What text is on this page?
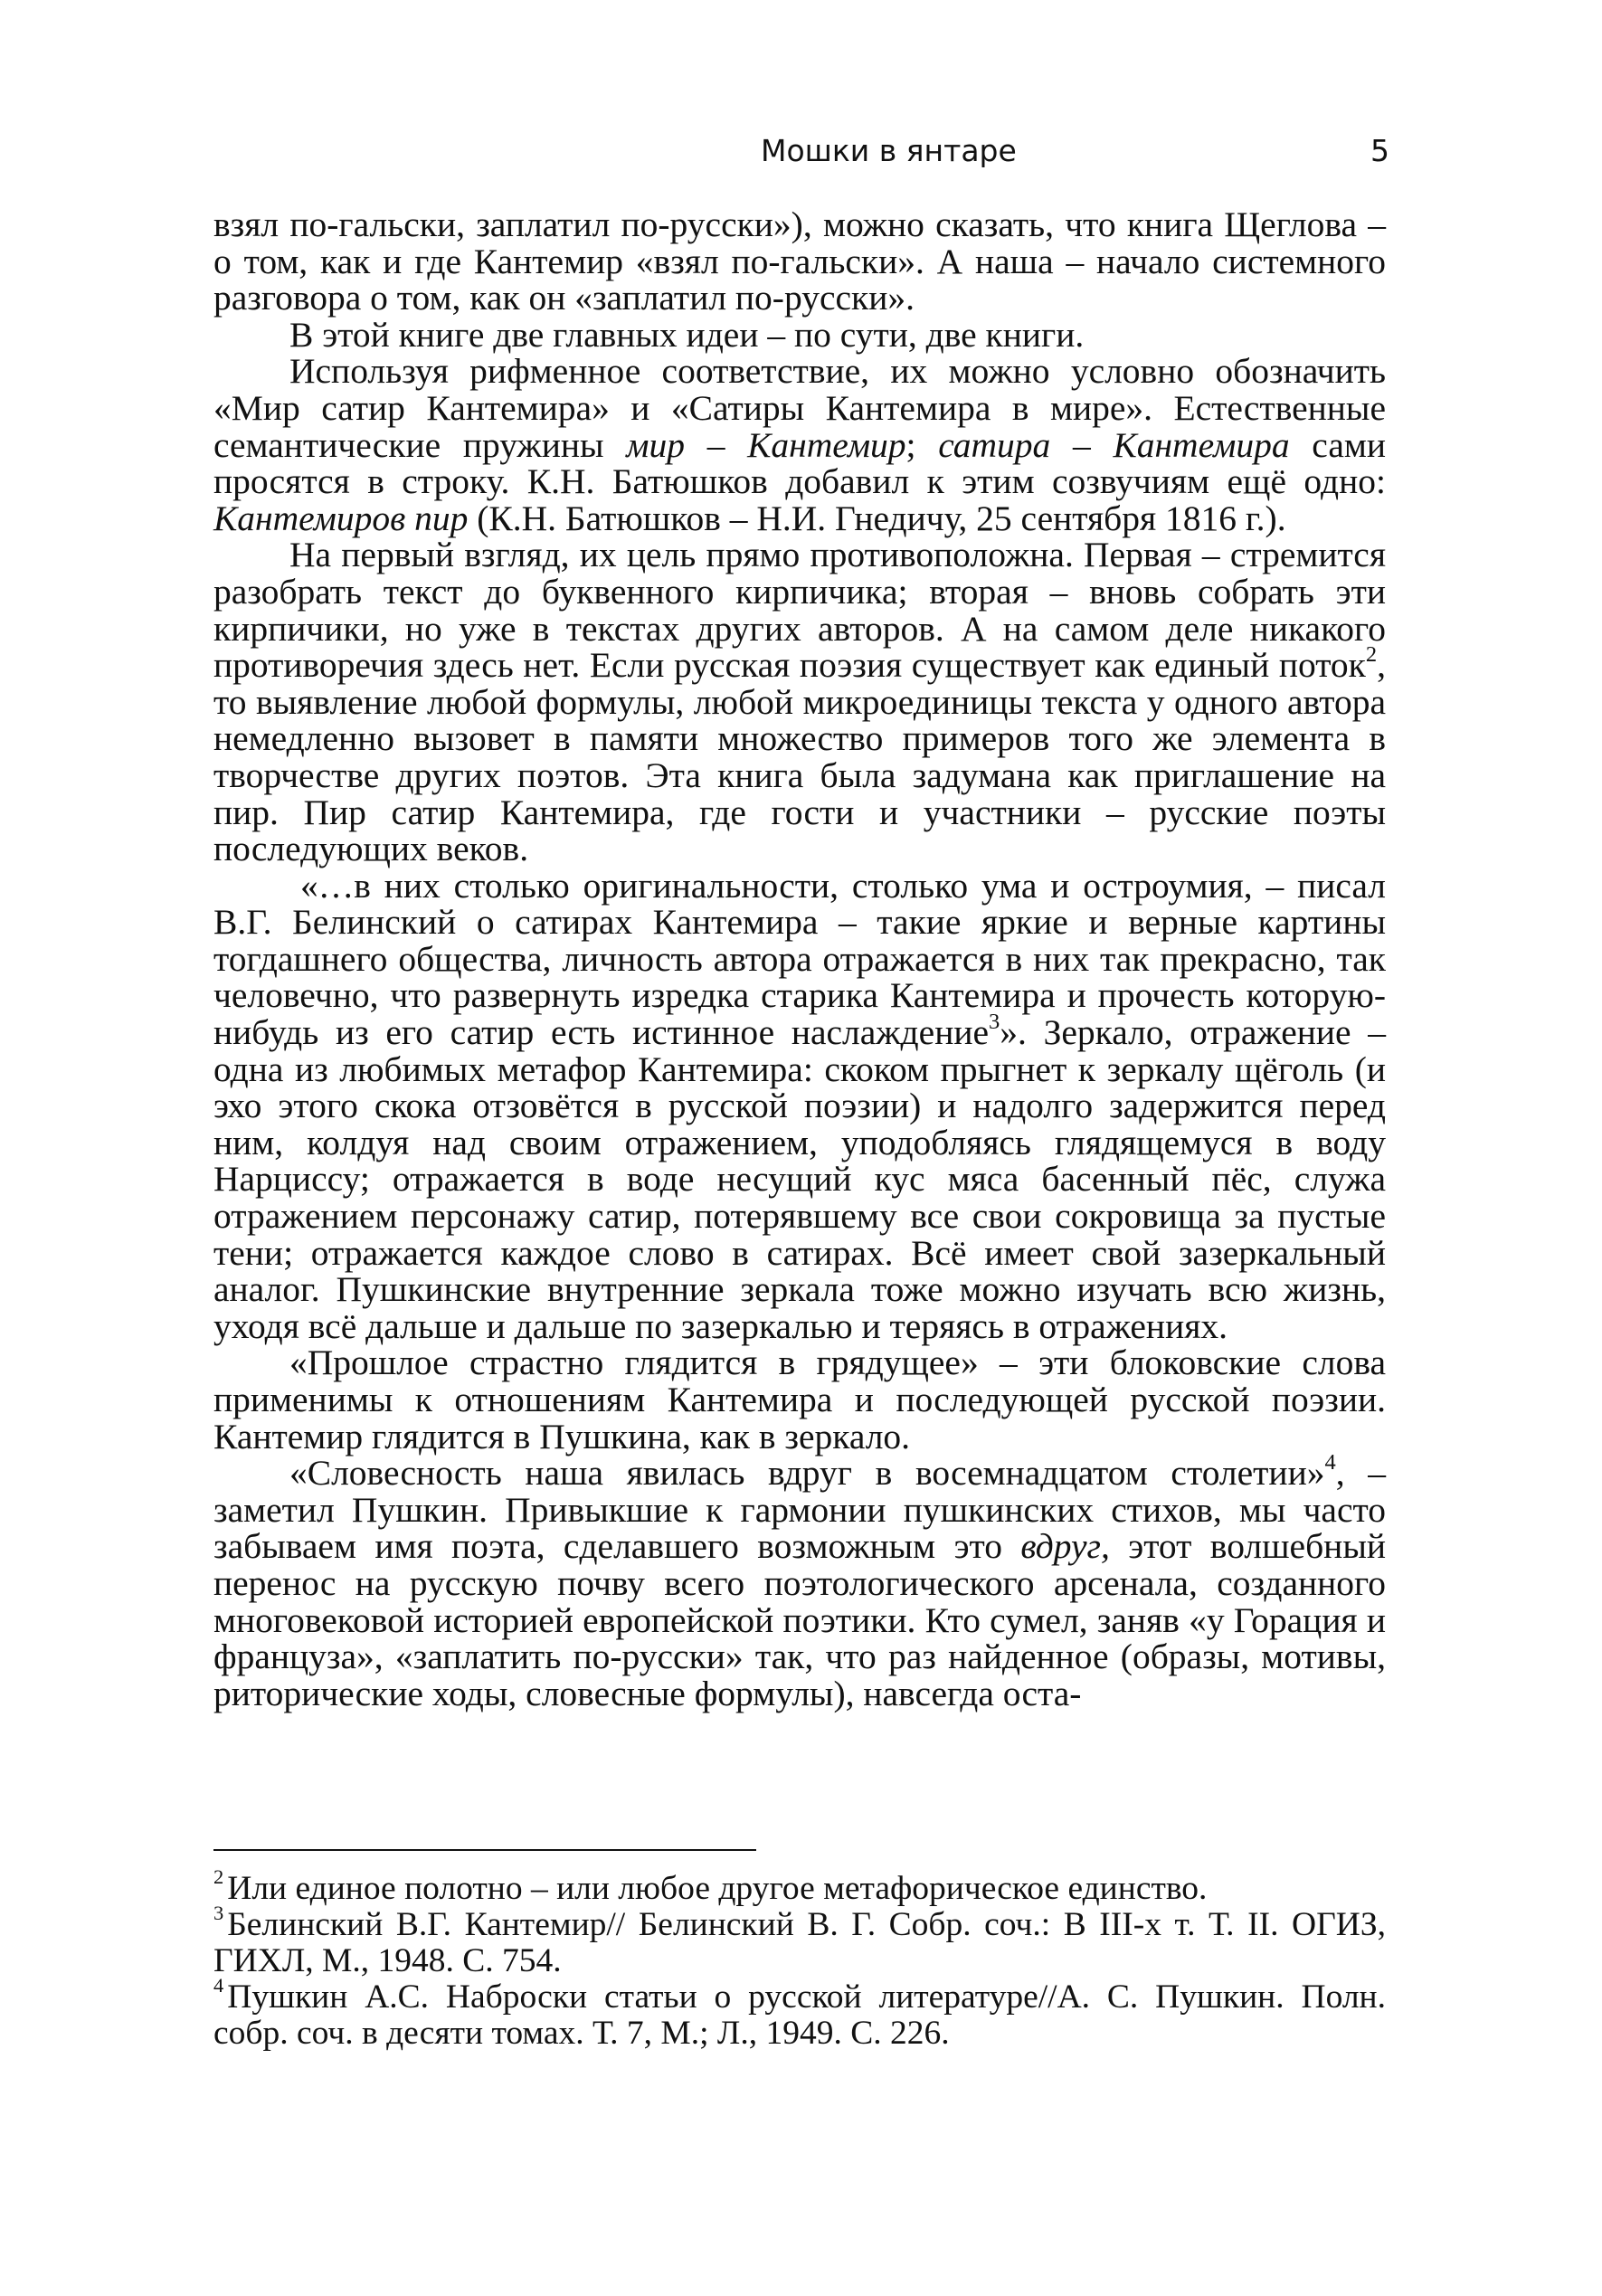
Мошки в янтаре	5

взял по-гальски, заплатил по-русски»), можно сказать, что книга Щеглова – о том, как и где Кантемир «взял по-гальски». А наша – начало системного разговора о том, как он «заплатил по-русски».

В этой книге две главных идеи – по сути, две книги.

Используя рифменное соответствие, их можно условно обозначить «Мир сатир Кантемира» и «Сатиры Кантемира в мире». Естественные семантические пружины мир – Кантемир; сатира – Кантемира сами просятся в строку. К.Н. Батюшков добавил к этим созвучиям ещё одно: Кантемиров пир (К.Н. Батюшков – Н.И. Гнедичу, 25 сентября 1816 г.).

На первый взгляд, их цель прямо противоположна. Первая – стремится разобрать текст до буквенного кирпичика; вторая – вновь собрать эти кирпичики, но уже в текстах других авторов. А на самом деле никакого противоречия здесь нет. Если русская поэзия существует как единый поток$^2$, то выявление любой формулы, любой микроединицы текста у одного автора немедленно вызовет в памяти множество примеров того же элемента в творчестве других поэтов. Эта книга была задумана как приглашение на пир. Пир сатир Кантемира, где гости и участники – русские поэты последующих веков.

«…в них столько оригинальности, столько ума и остроумия, – писал В.Г. Белинский о сатирах Кантемира – такие яркие и верные картины тогдашнего общества, личность автора отражается в них так прекрасно, так человечно, что развернуть изредка старика Кантемира и прочесть которую-нибудь из его сатир есть истинное наслаждение$^3$». Зеркало, отражение – одна из любимых метафор Кантемира: скоком прыгнет к зеркалу щёголь (и эхо этого скока отзовётся в русской поэзии) и надолго задержится перед ним, колдуя над своим отражением, уподобляясь глядящемуся в воду Нарциссу; отражается в воде несущий кус мяса басенный пёс, служа отражением персонажу сатир, потерявшему все свои сокровища за пустые тени; отражается каждое слово в сатирах. Всё имеет свой зазеркальный аналог. Пушкинские внутренние зеркала тоже можно изучать всю жизнь, уходя всё дальше и дальше по зазеркалью и теряясь в отражениях.

«Прошлое страстно глядится в грядущее» – эти блоковские слова применимы к отношениям Кантемира и последующей русской поэзии. Кантемир глядится в Пушкина, как в зеркало.

«Словесность наша явилась вдруг в восемнадцатом столетии»$^4$, – заметил Пушкин. Привыкшие к гармонии пушкинских стихов, мы часто забываем имя поэта, сделавшего возможным это вдруг, этот волшебный перенос на русскую почву всего поэтологического арсенала, созданного многовековой историей европейской поэтики. Кто сумел, заняв «у Горация и француза», «заплатить по-русски» так, что раз найденное (образы, мотивы, риторические ходы, словесные формулы), навсегда оста-

$^2$ Или единое полотно – или любое другое метафорическое единство.

$^3$ Белинский В.Г. Кантемир// Белинский В. Г. Собр. соч.: В III-х т. Т. II. ОГИЗ, ГИХЛ, М., 1948. С. 754.

$^4$ Пушкин А.С. Наброски статьи о русской литературе//А. С. Пушкин. Полн. собр. соч. в десяти томах. Т. 7, М.; Л., 1949. С. 226.
